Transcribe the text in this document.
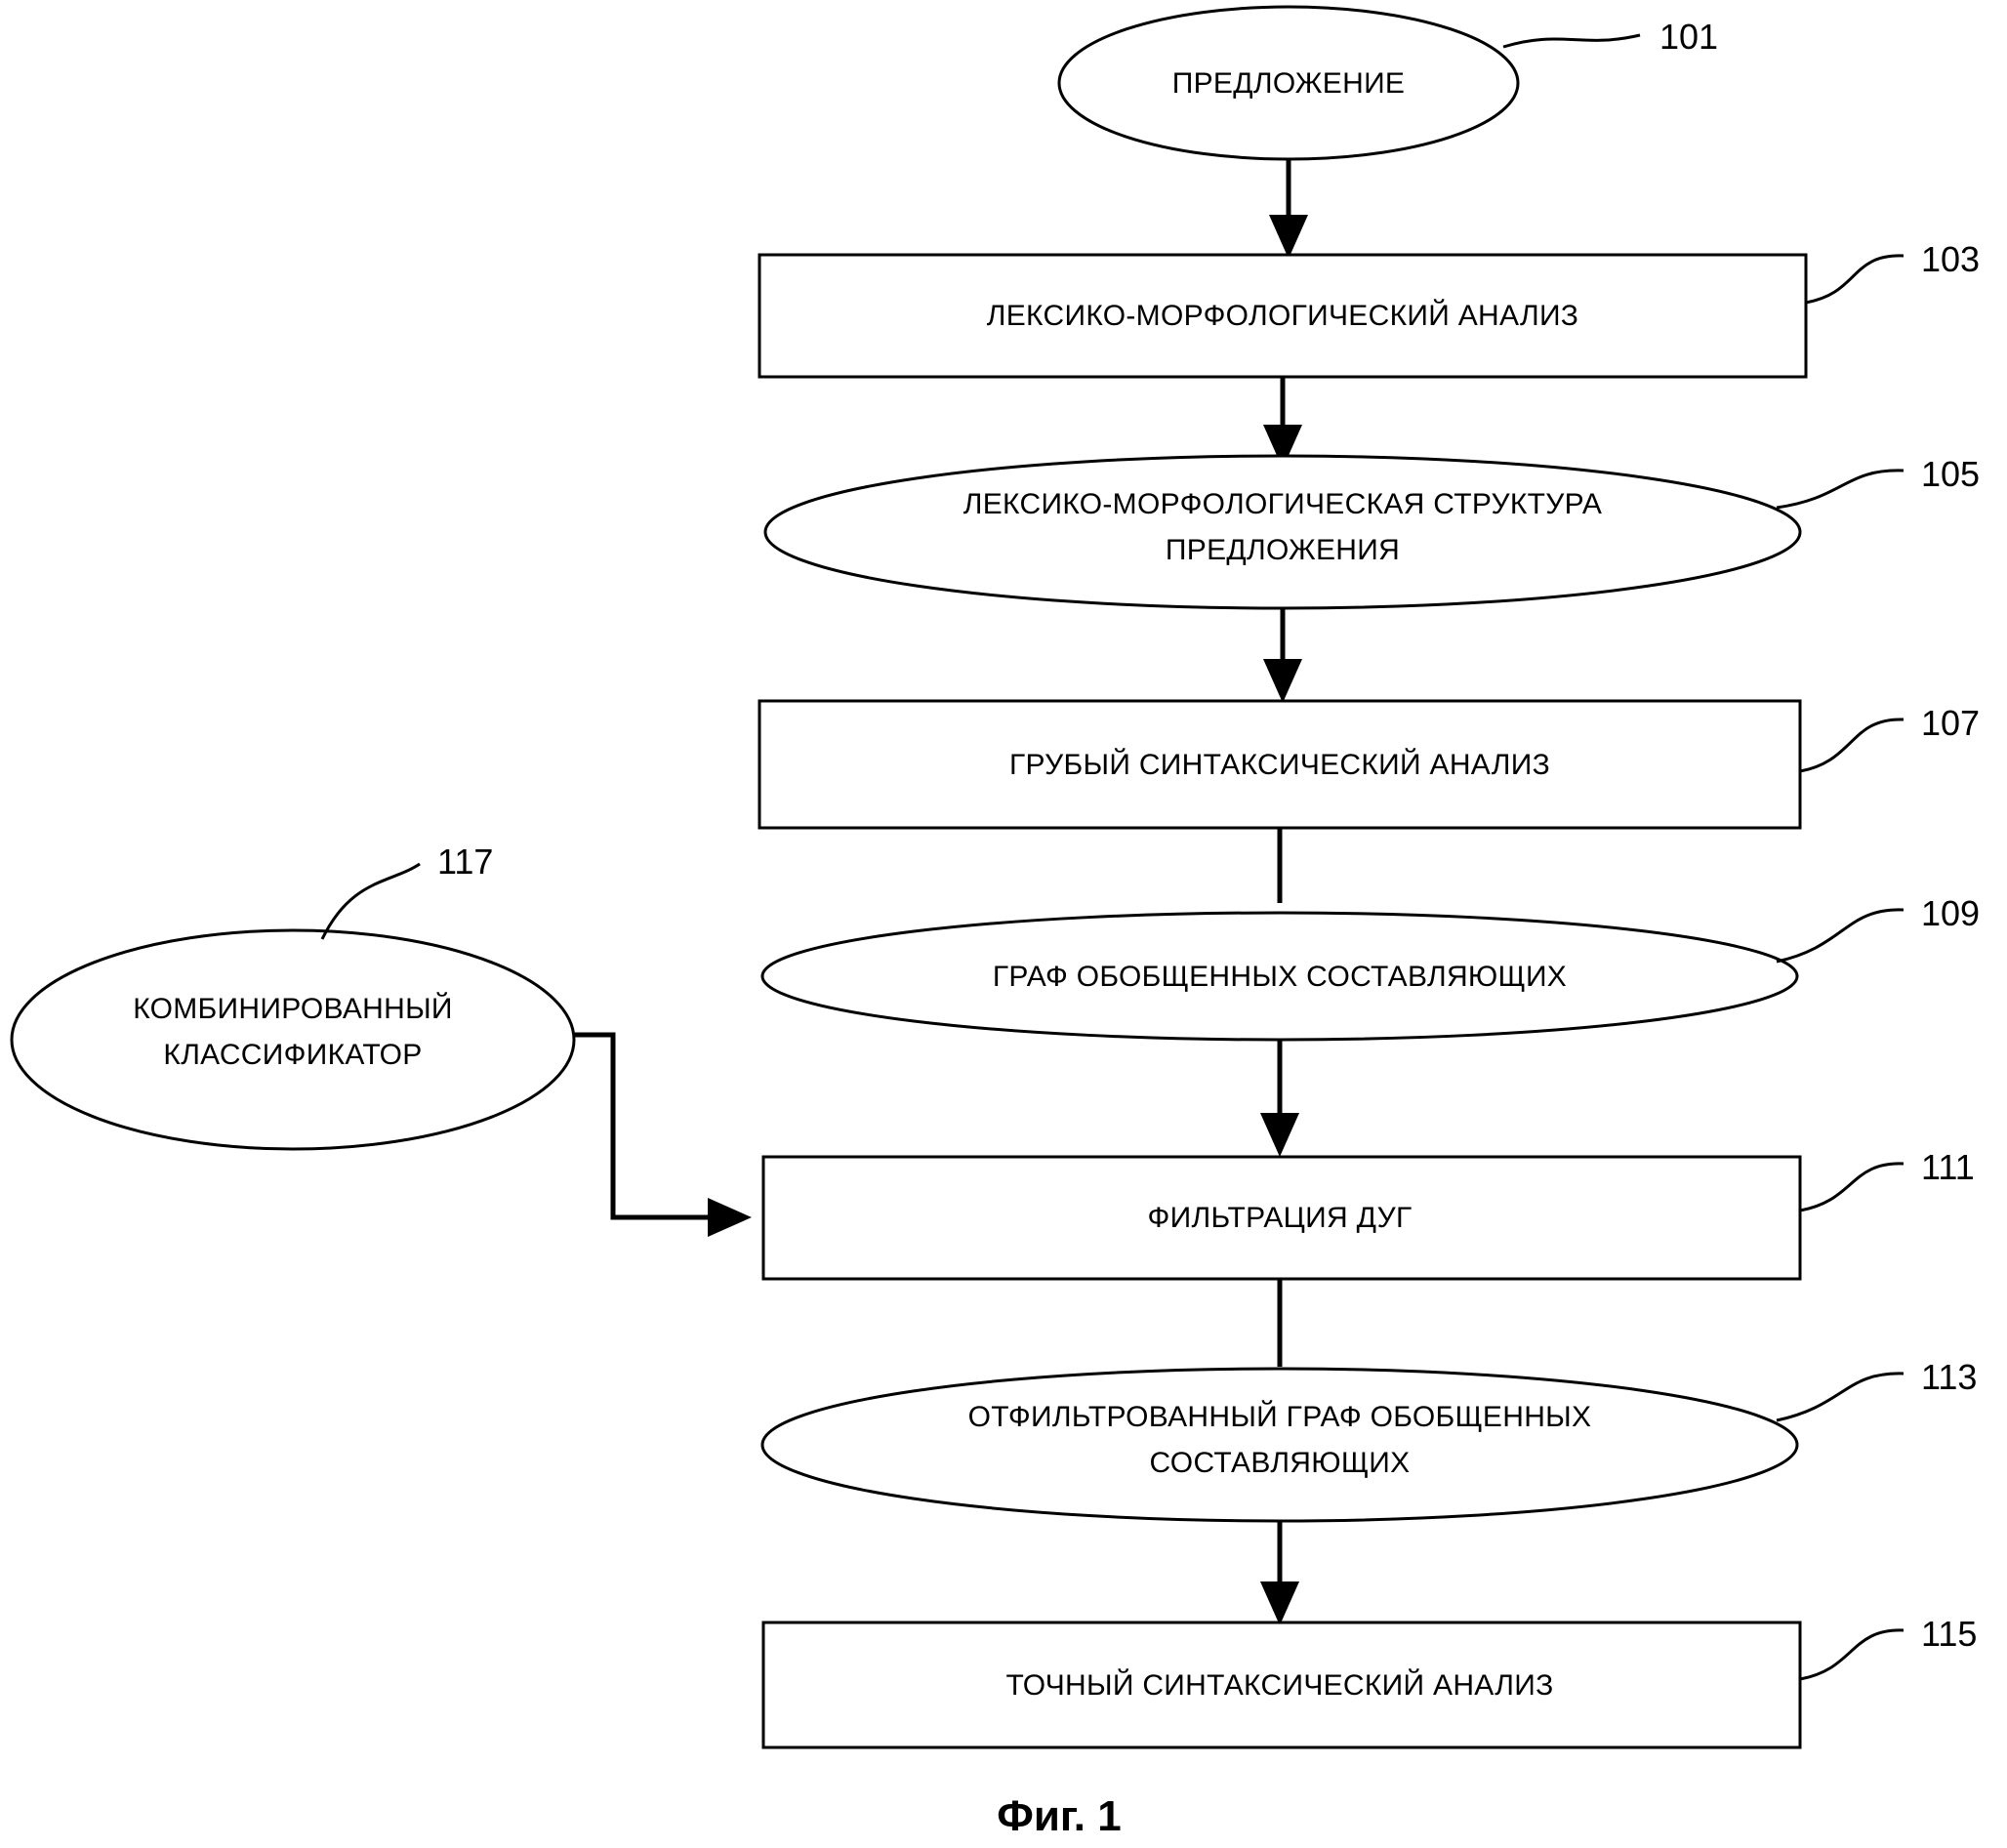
ПРЕДЛОЖЕНИЕ
101
ЛЕКСИКО-МОРФОЛОГИЧЕСКИЙ АНАЛИЗ
103
ЛЕКСИКО-МОРФОЛОГИЧЕСКАЯ СТРУКТУРА
ПРЕДЛОЖЕНИЯ
105
ГРУБЫЙ СИНТАКСИЧЕСКИЙ АНАЛИЗ
107
ГРАФ ОБОБЩЕННЫХ СОСТАВЛЯЮЩИХ
109
КОМБИНИРОВАННЫЙ
КЛАССИФИКАТОР
117
ФИЛЬТРАЦИЯ ДУГ
111
ОТФИЛЬТРОВАННЫЙ ГРАФ ОБОБЩЕННЫХ
СОСТАВЛЯЮЩИХ
113
ТОЧНЫЙ СИНТАКСИЧЕСКИЙ АНАЛИЗ
115
Фиг. 1
